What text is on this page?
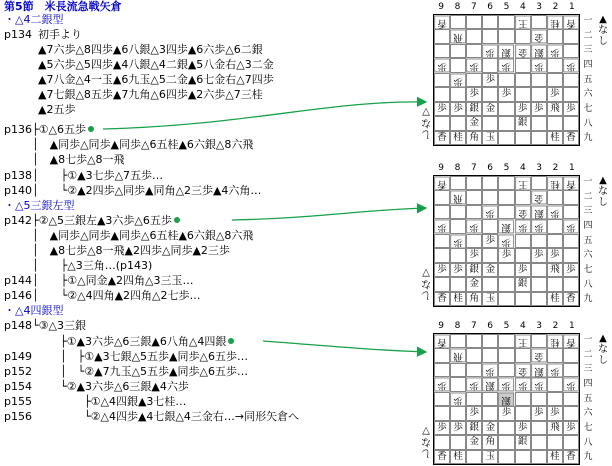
第5節　米長流急戦矢倉
・△4二銀型
p134 初手より
▲7六歩△8四歩▲6八銀△3四歩▲6六歩△6二銀
▲5六歩△5四歩▲4八銀△4二銀▲5八金右△3二金
▲7八金△4一玉▲6九玉△5二金▲6七金右△7四歩
▲7七銀△8五歩▲7九角△6四歩▲2六歩△7三桂
▲2五歩
p136 ├①△6五歩
│　▲同歩△同歩▲同歩△6五桂▲6六銀△8六飛
│　▲8七歩△8一飛
p138 │　　├①▲3七歩△7五歩…
p140 │　　└②▲2四歩△同歩▲同角△2三歩▲4六角…
・△5三銀左型
p142 ├②△5三銀左▲3六歩△6五歩
│　▲同歩△同歩▲同歩△6五桂▲6六銀△8六飛
│　▲8七歩△8一飛▲2四歩△同歩▲2三歩
│　　├△3三角…(p143)
p144 │　　├①△同金▲2四角△3三玉…
p146 │　　└②△4四角▲2四角△2七歩…
・△4四銀型
p148 └③△3三銀
├①▲3六歩△6三銀▲6八角△4四銀
p149	│　├①▲3七銀△5五歩▲同歩△6五歩…
p152	│　└②▲7九玉△5五歩▲同歩△6五歩…
p154	└②▲3六歩△6三銀▲4六歩
p155	├①△4四銀▲3七桂…
p156	└②△4四歩▲4七銀△4三金右…→同形矢倉へ
9	8	7	6	5	4	3	2	1
香	王	桂 香
飛	金
歩 銀 金 銀 歩
歩	歩	歩	歩	歩
歩	歩
歩	歩	歩
歩 歩 銀 金	歩 歩 飛 歩
金	銀
香 桂 角 玉	桂 香
一
二
三
四
五
六
七
八
九
▲
な
し
し
な
▽
9	8	7	6	5	4	3	2	1
香	王	桂 香
飛	金
歩	金 銀 歩
歩	歩	銀 歩 歩	歩
歩	歩 歩
歩	歩	歩 歩
歩 歩 銀 金	歩	飛 歩
金	銀
香 桂 角 玉	桂 香
一
二
三
四
五
六
七
八
九
▲
な
し
し
な
▽
9	8	7	6	5	4	3	2	1
香	王	桂 香
飛	金
歩	金 銀 歩
歩	歩 銀 歩 歩 歩	歩
歩	銀
歩	歩	歩 歩
歩 歩 銀 金	歩	飛 歩
金 角	銀
香 桂	玉	桂 香
一
二
三
四
五
六
七
八
九
▲
な
し
し
な
▽
